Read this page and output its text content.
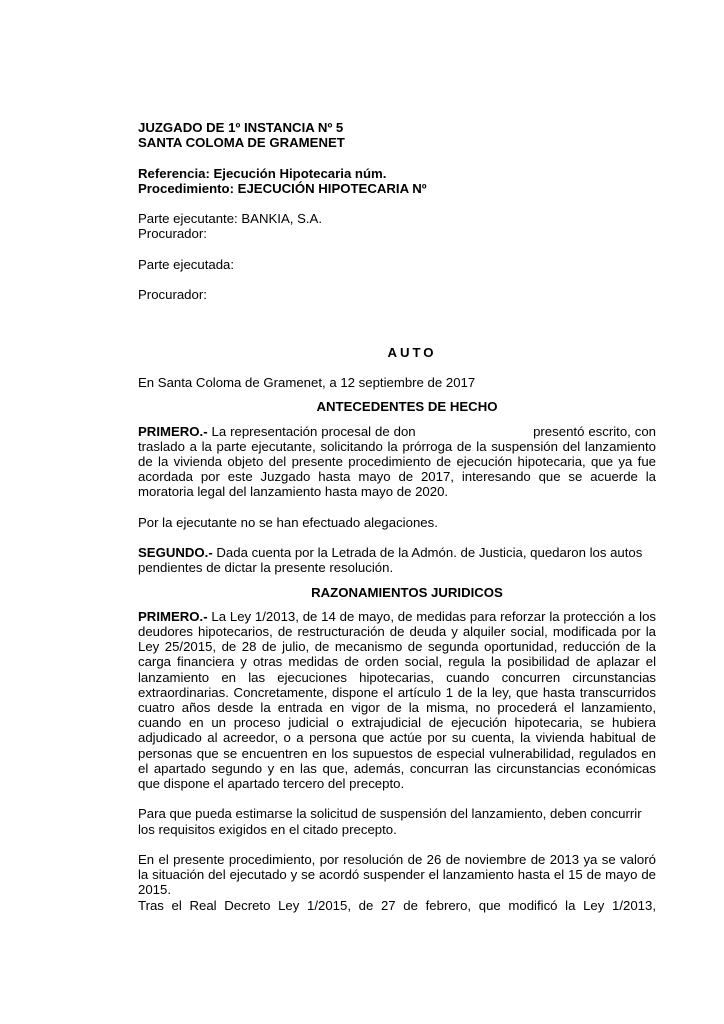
JUZGADO DE 1º INSTANCIA Nº 5
SANTA COLOMA DE GRAMENET
Referencia: Ejecución Hipotecaria núm.
Procedimiento: EJECUCIÓN HIPOTECARIA Nº
Parte ejecutante: BANKIA, S.A.
Procurador:
Parte ejecutada:
Procurador:
AUTO
En Santa Coloma de Gramenet, a 12 septiembre de 2017
ANTECEDENTES DE HECHO

PRIMERO.- La representación procesal de don                              presentó escrito, con traslado a la parte ejecutante, solicitando la prórroga de la suspensión del lanzamiento de la vivienda objeto del presente procedimiento de ejecución hipotecaria, que ya fue acordada por este Juzgado hasta mayo de 2017, interesando que se acuerde la moratoria legal del lanzamiento hasta mayo de 2020.

Por la ejecutante no se han efectuado alegaciones.

SEGUNDO.- Dada cuenta por la Letrada de la Admón. de Justicia, quedaron los autos pendientes de dictar la presente resolución.

RAZONAMIENTOS JURIDICOS

PRIMERO.- La Ley 1/2013, de 14 de mayo, de medidas para reforzar la protección a los deudores hipotecarios, de restructuración de deuda y alquiler social, modificada por la Ley 25/2015, de 28 de julio, de mecanismo de segunda oportunidad, reducción de la carga financiera y otras medidas de orden social, regula la posibilidad de aplazar el lanzamiento en las ejecuciones hipotecarias, cuando concurren circunstancias extraordinarias. Concretamente, dispone el artículo 1 de la ley, que hasta transcurridos cuatro años desde la entrada en vigor de la misma, no procederá el lanzamiento, cuando en un proceso judicial o extrajudicial de ejecución hipotecaria, se hubiera adjudicado al acreedor, o a persona que actúe por su cuenta, la vivienda habitual de personas que se encuentren en los supuestos de especial vulnerabilidad, regulados en el apartado segundo y en las que, además, concurran las circunstancias económicas que dispone el apartado tercero del precepto.

Para que pueda estimarse la solicitud de suspensión del lanzamiento, deben concurrir los requisitos exigidos en el citado precepto.

En el presente procedimiento, por resolución de 26 de noviembre de 2013 ya se valoró la situación del ejecutado y se acordó suspender el lanzamiento hasta el 15 de mayo de 2015.

Tras el Real Decreto Ley 1/2015, de 27 de febrero, que modificó la Ley 1/2013,
